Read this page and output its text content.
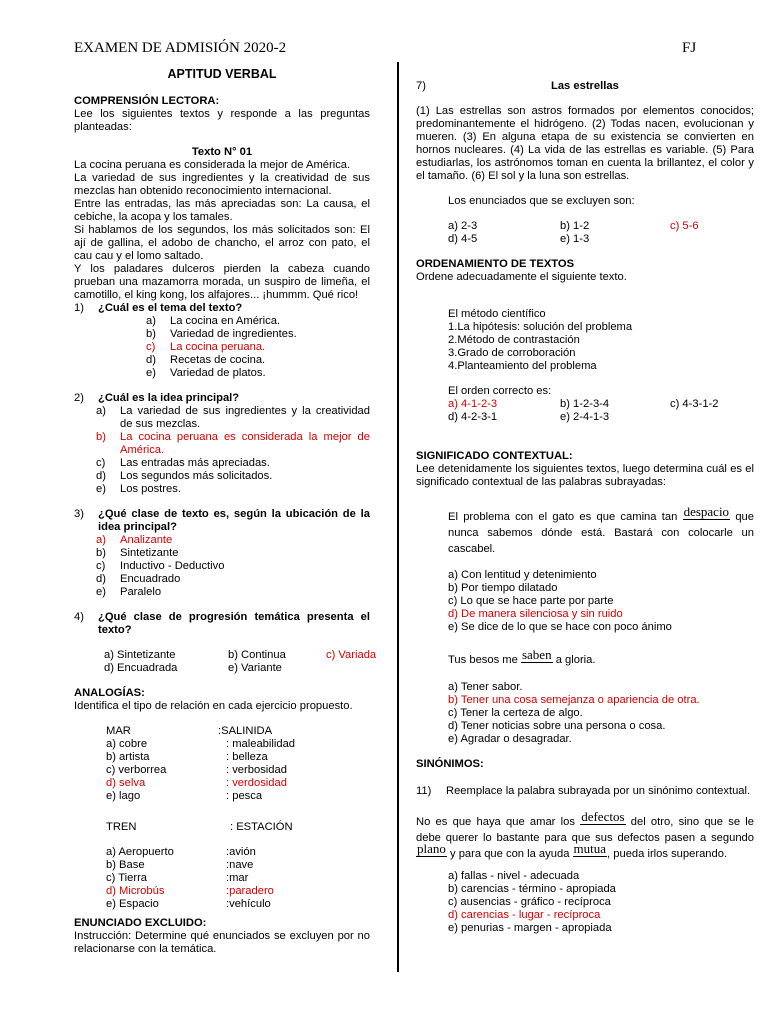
EXAMEN DE ADMISIÓN 2020-2	FJ

APTITUD VERBAL

COMPRENSIÓN LECTORA:

Lee los siguientes textos y responde a las preguntas planteadas:

Texto N° 01

La cocina peruana es considerada la mejor de América.

La variedad de sus ingredientes y la creatividad de sus mezclas han obtenido reconocimiento internacional.

Entre las entradas, las más apreciadas son: La causa, el cebiche, la acopa y los tamales.

Si hablamos de los segundos, los más solicitados son: El ají de gallina, el adobo de chancho, el arroz con pato, el cau cau y el lomo saltado.

Y los paladares dulceros pierden la cabeza cuando prueban una mazamorra morada, un suspiro de limeña, el camotillo, el king kong, los alfajores... ¡hummm. Qué rico!

1)	¿Cuál es el tema del texto?
a)	La cocina en América.
b)	Variedad de ingredientes.
c)	La cocina peruana.
d)	Recetas de cocina.
e)	Variedad de platos.
2)	¿Cuál es la idea principal?
a)	La variedad de sus ingredientes y la creatividad de sus mezclas.
b)	La cocina peruana es considerada la mejor de América.
c)	Las entradas más apreciadas.
d)	Los segundos más solicitados.
e)	Los postres.
3)	¿Qué clase de texto es, según la ubicación de la idea principal?
a)	Analizante
b)	Sintetizante
c)	Inductivo - Deductivo
d)	Encuadrado
e)	Paralelo
4)	¿Qué clase de progresión temática presenta el texto?
a) Sintetizante	b) Continua	c) Variada
d) Encuadrada	e) Variante

ANALOGÍAS:

Identifica el tipo de relación en cada ejercicio propuesto.

MAR	:SALINIDA
a) cobre	: maleabilidad
b) artista	: belleza
c) verborrea	: verbosidad
d) selva	: verdosidad
e) lago	: pesca
TREN	: ESTACIÓN
a) Aeropuerto	:avión
b) Base	:nave
c) Tierra	:mar
d) Microbús	:paradero
e) Espacio	:vehículo

ENUNCIADO EXCLUIDO:

Instrucción: Determine qué enunciados se excluyen por no relacionarse con la temática.

7)	Las estrellas

(1) Las estrellas son astros formados por elementos conocidos; predominantemente el hidrógeno. (2) Todas nacen, evolucionan y mueren. (3) En alguna etapa de su existencia se convierten en hornos nucleares. (4) La vida de las estrellas es variable. (5) Para estudiarlas, los astrónomos toman en cuenta la brillantez, el color y el tamaño. (6) El sol y la luna son estrellas.

Los enunciados que se excluyen son:

a) 2-3	b) 1-2	c) 5-6
d) 4-5	e) 1-3

ORDENAMIENTO DE TEXTOS

Ordene adecuadamente el siguiente texto.

El método científico

1.La hipótesis: solución del problema

2.Método de contrastación

3.Grado de corroboración

4.Planteamiento del problema

El orden correcto es:

a) 4-1-2-3	b) 1-2-3-4	c) 4-3-1-2
d) 4-2-3-1	e) 2-4-1-3

SIGNIFICADO CONTEXTUAL:

Lee detenidamente los siguientes textos, luego determina cuál es el significado contextual de las palabras subrayadas:

El problema con el gato es que camina tan despacio que nunca sabemos dónde está. Bastará con colocarle un cascabel.

a) Con lentitud y detenimiento

b) Por tiempo dilatado

c) Lo que se hace parte por parte

d) De manera silenciosa y sin ruido

e) Se dice de lo que se hace con poco ánimo

Tus besos me saben a gloria.

a) Tener sabor.

b) Tener una cosa semejanza o apariencia de otra.

c) Tener la certeza de algo.

d) Tener noticias sobre una persona o cosa.

e) Agradar o desagradar.

SINÓNIMOS:

11)	Reemplace la palabra subrayada por un sinónimo contextual.

No es que haya que amar los defectos del otro, sino que se le debe querer lo bastante para que sus defectos pasen a segundo plano y para que con la ayuda mutua, pueda irlos superando.

a) fallas - nivel - adecuada

b) carencias - término - apropiada

c) ausencias - gráfico - recíproca

d) carencias - lugar - recíproca

e) penurias - margen - apropiada
